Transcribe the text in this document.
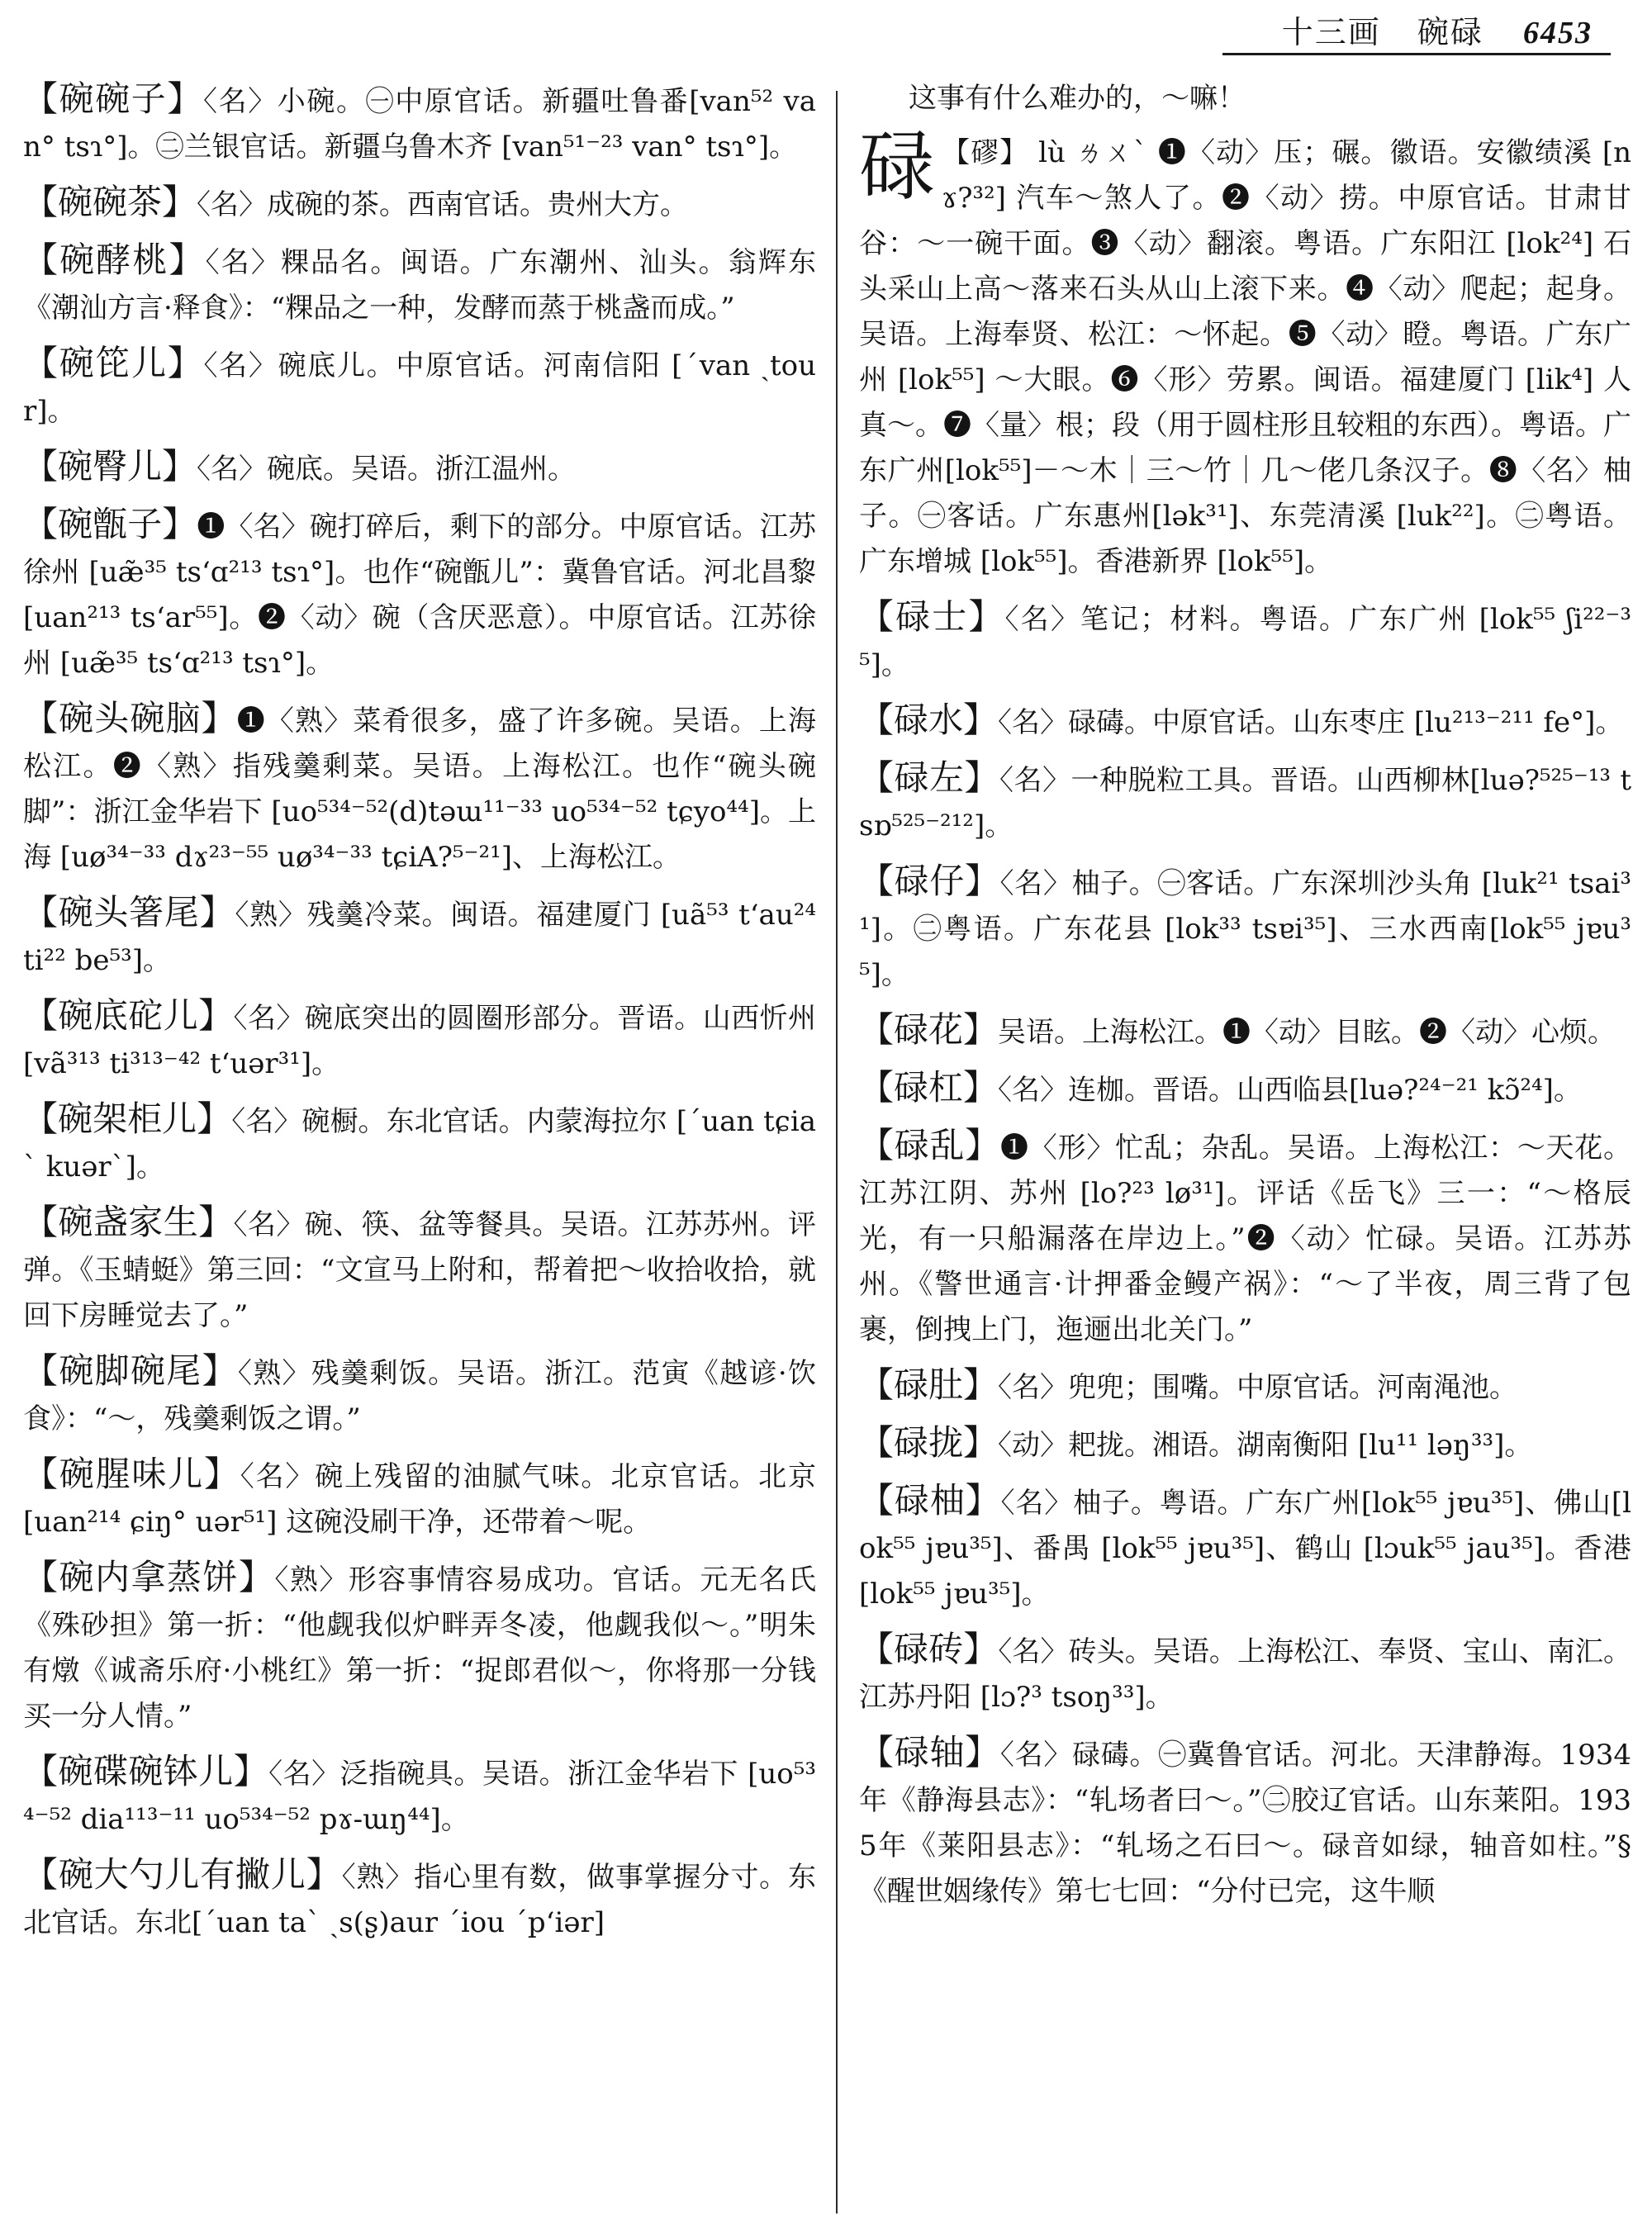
十三画 碗碌 6453

【碗碗子】〈名〉小碗。㊀中原官话。新疆吐鲁番[van⁵² van° tsɿ°]。㊁兰银官话。新疆乌鲁木齐 [van⁵¹⁻²³ van° tsɿ°]。

【碗碗茶】〈名〉成碗的茶。西南官话。贵州大方。

【碗酵桃】〈名〉粿品名。闽语。广东潮州、汕头。翁辉东《潮汕方言·释食》：“粿品之一种，发酵而蒸于桃盏而成。”

【碗笓儿】〈名〉碗底儿。中原官话。河南信阳 [ˊvan ˏtour]。

【碗臀儿】〈名〉碗底。吴语。浙江温州。

【碗甑子】❶〈名〉碗打碎后，剩下的部分。中原官话。江苏徐州 [uæ̃³⁵ tsʻɑ²¹³ tsɿ°]。也作“碗甑儿”：冀鲁官话。河北昌黎 [uan²¹³ tsʻar⁵⁵]。❷〈动〉碗（含厌恶意）。中原官话。江苏徐州 [uæ̃³⁵ tsʻɑ²¹³ tsɿ°]。

【碗头碗脑】❶〈熟〉菜肴很多，盛了许多碗。吴语。上海松江。❷〈熟〉指残羹剩菜。吴语。上海松江。也作“碗头碗脚”：浙江金华岩下 [uo⁵³⁴⁻⁵²(d)təɯ¹¹⁻³³ uo⁵³⁴⁻⁵² tɕyo⁴⁴]。上海 [uø³⁴⁻³³ dɤ²³⁻⁵⁵ uø³⁴⁻³³ tɕiA?⁵⁻²¹]、上海松江。

【碗头箸尾】〈熟〉残羹冷菜。闽语。福建厦门 [uã⁵³ tʻau²⁴ ti²² be⁵³]。

【碗底砣儿】〈名〉碗底突出的圆圈形部分。晋语。山西忻州 [vã³¹³ ti³¹³⁻⁴² tʻuər³¹]。

【碗架柜儿】〈名〉碗橱。东北官话。内蒙海拉尔 [ˊuan tɕiaˋ kuərˋ]。

【碗盏家生】〈名〉碗、筷、盆等餐具。吴语。江苏苏州。评弹。《玉蜻蜓》第三回：“文宣马上附和，帮着把～收拾收拾，就回下房睡觉去了。”

【碗脚碗尾】〈熟〉残羹剩饭。吴语。浙江。范寅《越谚·饮食》：“～，残羹剩饭之谓。”

【碗腥味儿】〈名〉碗上残留的油腻气味。北京官话。北京 [uan²¹⁴ ɕiŋ° uər⁵¹] 这碗没刷干净，还带着～呢。

【碗内拿蒸饼】〈熟〉形容事情容易成功。官话。元无名氏《殊砂担》第一折：“他觑我似炉畔弄冬凌，他觑我似～。”明朱有燉《诚斋乐府·小桃红》第一折：“捉郎君似～，你将那一分钱买一分人情。”

【碗碟碗钵儿】〈名〉泛指碗具。吴语。浙江金华岩下 [uo⁵³⁴⁻⁵² dia¹¹³⁻¹¹ uo⁵³⁴⁻⁵² pɤ-ɯŋ⁴⁴]。

【碗大勺儿有撇儿】〈熟〉指心里有数，做事掌握分寸。东北官话。东北[ˊuan taˋ ˏs(ʂ)aur ˊiou ˊpʻiər]

这事有什么难办的，～嘛！

碌 【磟】 lù ㄌㄨˋ ❶〈动〉压；碾。徽语。安徽绩溪 [nɤ?³²] 汽车～煞人了。❷〈动〉捞。中原官话。甘肃甘谷：～一碗干面。❸〈动〉翻滚。粤语。广东阳江 [lok²⁴] 石头采山上高～落来石头从山上滚下来。❹〈动〉爬起；起身。吴语。上海奉贤、松江：～怀起。❺〈动〉瞪。粤语。广东广州 [lok⁵⁵] ～大眼。❻〈形〉劳累。闽语。福建厦门 [lik⁴] 人真～。❼〈量〉根；段（用于圆柱形且较粗的东西）。粤语。广东广州[lok⁵⁵]－～木｜三～竹｜几～佬几条汉子。❽〈名〉柚子。㊀客话。广东惠州[lək³¹]、东莞清溪 [luk²²]。㊁粤语。广东增城 [lok⁵⁵]。香港新界 [lok⁵⁵]。

【碌士】〈名〉笔记；材料。粤语。广东广州 [lok⁵⁵ ʃi²²⁻³⁵]。

【碌水】〈名〉碌碡。中原官话。山东枣庄 [lu²¹³⁻²¹¹ fe°]。

【碌左】〈名〉一种脱粒工具。晋语。山西柳林[luə?⁵²⁵⁻¹³ tsɒ⁵²⁵⁻²¹²]。

【碌仔】〈名〉柚子。㊀客话。广东深圳沙头角 [luk²¹ tsai³¹]。㊁粤语。广东花县 [lok³³ tsɐi³⁵]、三水西南[lok⁵⁵ jɐu³⁵]。

【碌花】吴语。上海松江。❶〈动〉目眩。❷〈动〉心烦。

【碌杠】〈名〉连枷。晋语。山西临县[luə?²⁴⁻²¹ kɔ̃²⁴]。

【碌乱】❶〈形〉忙乱；杂乱。吴语。上海松江：～天花。江苏江阴、苏州 [lo?²³ lø³¹]。评话《岳飞》三一：“～格辰光，有一只船漏落在岸边上。”❷〈动〉忙碌。吴语。江苏苏州。《警世通言·计押番金鳗产祸》：“～了半夜，周三背了包裹，倒拽上门，迤逦出北关门。”

【碌肚】〈名〉兜兜；围嘴。中原官话。河南渑池。

【碌拢】〈动〉耙拢。湘语。湖南衡阳 [lu¹¹ ləŋ³³]。

【碌柚】〈名〉柚子。粤语。广东广州[lok⁵⁵ jɐu³⁵]、佛山[lok⁵⁵ jɐu³⁵]、番禺 [lok⁵⁵ jɐu³⁵]、鹤山 [lɔuk⁵⁵ jau³⁵]。香港 [lok⁵⁵ jɐu³⁵]。

【碌砖】〈名〉砖头。吴语。上海松江、奉贤、宝山、南汇。江苏丹阳 [lɔ?³ tsoŋ³³]。

【碌轴】〈名〉碌碡。㊀冀鲁官话。河北。天津静海。1934年《静海县志》：“轧场者曰～。”㊁胶辽官话。山东莱阳。1935年《莱阳县志》：“轧场之石曰～。碌音如绿，轴音如柱。”§《醒世姻缘传》第七七回：“分付已完，这牛顺
